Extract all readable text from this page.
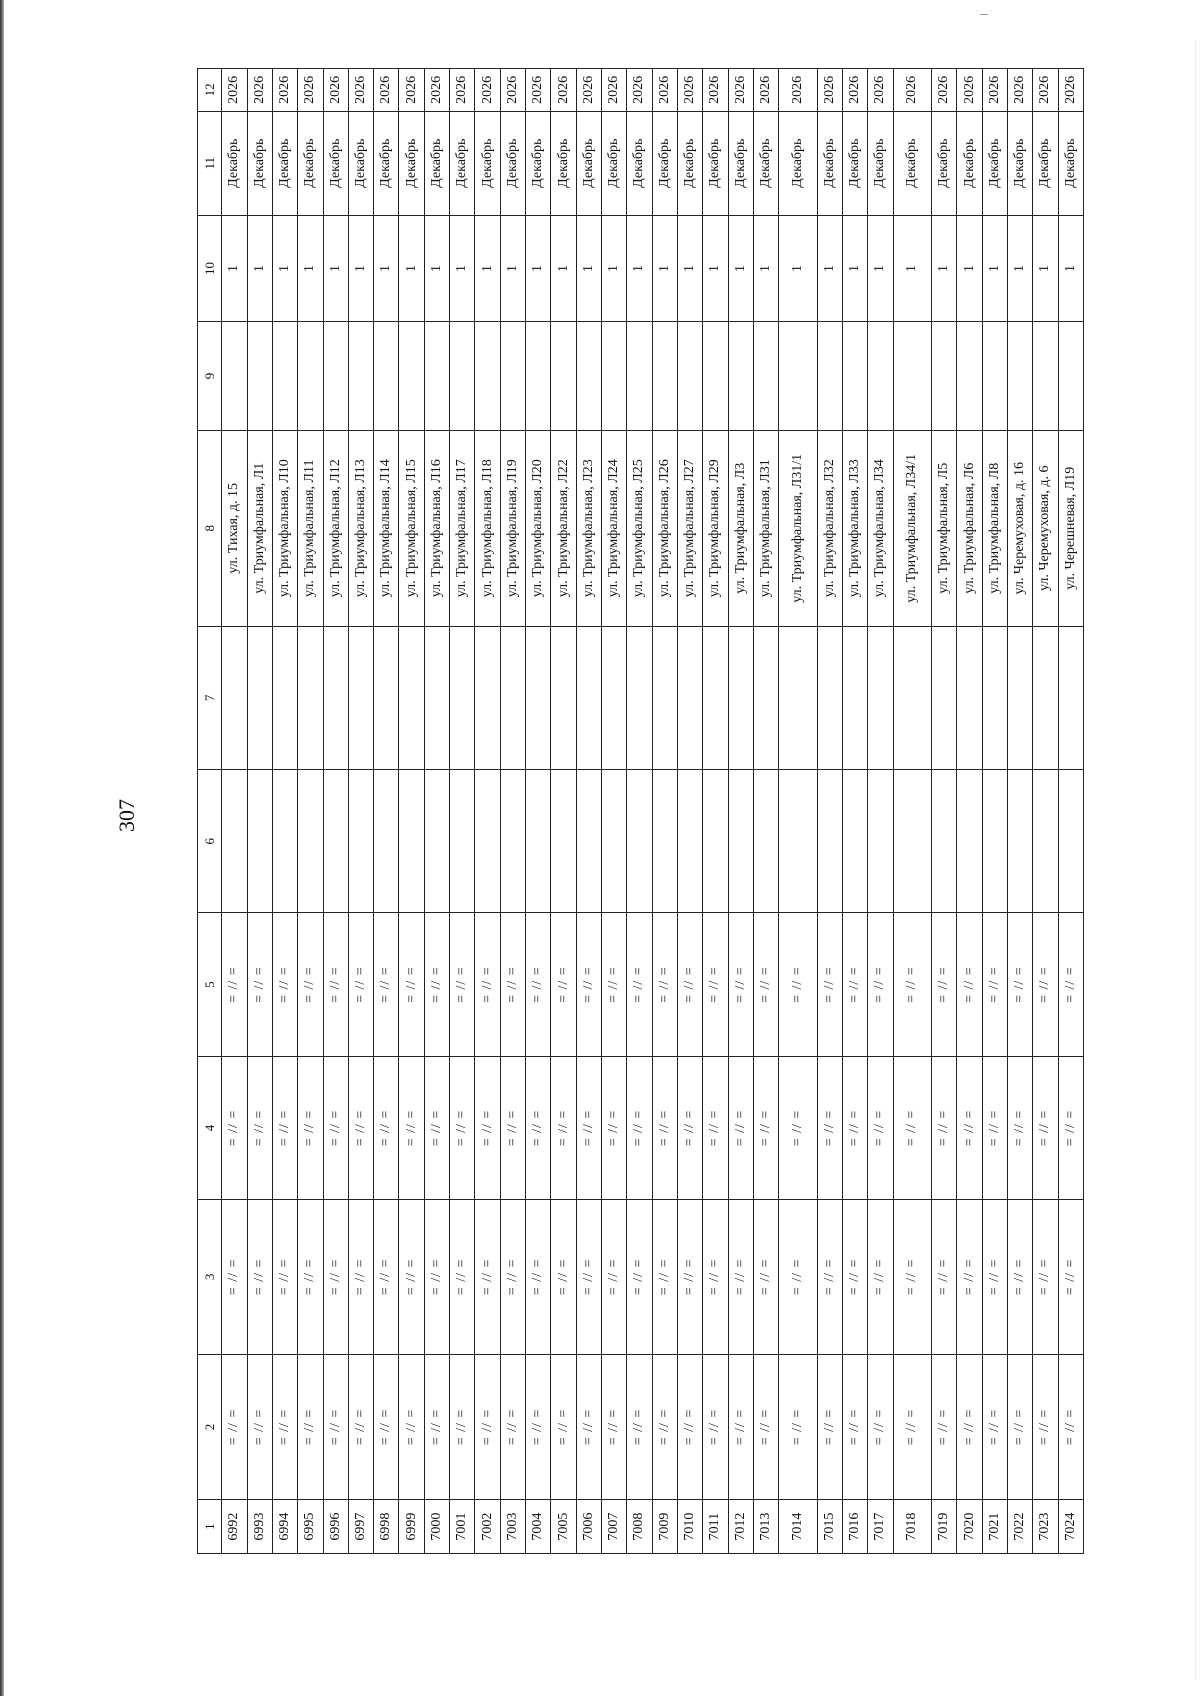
307
1	2	3	4	5	6	7	8	9	10	11	12
6992	= // =	= // =	= // =	= // =			ул. Тихая, д. 15		1	Декабрь	2026
6993	= // =	= // =	= // =	= // =			ул. Триумфальная, Л1		1	Декабрь	2026
6994	= // =	= // =	= // =	= // =			ул. Триумфальная, Л10		1	Декабрь	2026
6995	= // =	= // =	= // =	= // =			ул. Триумфальная, Л11		1	Декабрь	2026
6996	= // =	= // =	= // =	= // =			ул. Триумфальная, Л12		1	Декабрь	2026
6997	= // =	= // =	= // =	= // =			ул. Триумфальная, Л13		1	Декабрь	2026
6998	= // =	= // =	= // =	= // =			ул. Триумфальная, Л14		1	Декабрь	2026
6999	= // =	= // =	= // =	= // =			ул. Триумфальная, Л15		1	Декабрь	2026
7000	= // =	= // =	= // =	= // =			ул. Триумфальная, Л16		1	Декабрь	2026
7001	= // =	= // =	= // =	= // =			ул. Триумфальная, Л17		1	Декабрь	2026
7002	= // =	= // =	= // =	= // =			ул. Триумфальная, Л18		1	Декабрь	2026
7003	= // =	= // =	= // =	= // =			ул. Триумфальная, Л19		1	Декабрь	2026
7004	= // =	= // =	= // =	= // =			ул. Триумфальная, Л20		1	Декабрь	2026
7005	= // =	= // =	= // =	= // =			ул. Триумфальная, Л22		1	Декабрь	2026
7006	= // =	= // =	= // =	= // =			ул. Триумфальная, Л23		1	Декабрь	2026
7007	= // =	= // =	= // =	= // =			ул. Триумфальная, Л24		1	Декабрь	2026
7008	= // =	= // =	= // =	= // =			ул. Триумфальная, Л25		1	Декабрь	2026
7009	= // =	= // =	= // =	= // =			ул. Триумфальная, Л26		1	Декабрь	2026
7010	= // =	= // =	= // =	= // =			ул. Триумфальная, Л27		1	Декабрь	2026
7011	= // =	= // =	= // =	= // =			ул. Триумфальная, Л29		1	Декабрь	2026
7012	= // =	= // =	= // =	= // =			ул. Триумфальная, Л3		1	Декабрь	2026
7013	= // =	= // =	= // =	= // =			ул. Триумфальная, Л31		1	Декабрь	2026
7014	= // =	= // =	= // =	= // =			ул. Триумфальная, Л31/1		1	Декабрь	2026
7015	= // =	= // =	= // =	= // =			ул. Триумфальная, Л32		1	Декабрь	2026
7016	= // =	= // =	= // =	= // =			ул. Триумфальная, Л33		1	Декабрь	2026
7017	= // =	= // =	= // =	= // =			ул. Триумфальная, Л34		1	Декабрь	2026
7018	= // =	= // =	= // =	= // =			ул. Триумфальная, Л34/1		1	Декабрь	2026
7019	= // =	= // =	= // =	= // =			ул. Триумфальная, Л5		1	Декабрь	2026
7020	= // =	= // =	= // =	= // =			ул. Триумфальная, Л6		1	Декабрь	2026
7021	= // =	= // =	= // =	= // =			ул. Триумфальная, Л8		1	Декабрь	2026
7022	= // =	= // =	= // =	= // =			ул. Черемуховая, д. 16		1	Декабрь	2026
7023	= // =	= // =	= // =	= // =			ул. Черемуховая, д. 6		1	Декабрь	2026
7024	= // =	= // =	= // =	= // =			ул. Черешневая, Л19		1	Декабрь	2026
